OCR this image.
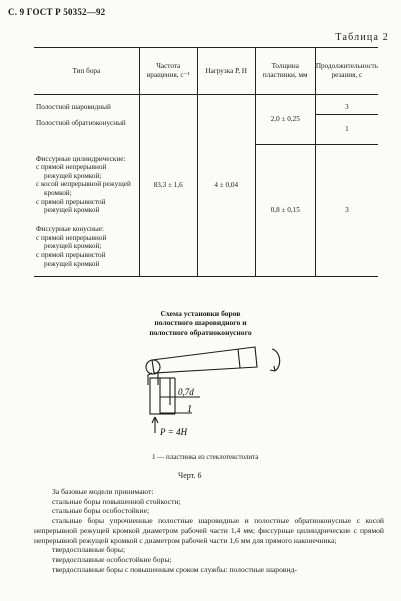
С. 9 ГОСТ Р 50352—92
Таблица 2
Тип бора	Частота вращения, с⁻¹	Нагрузка Р, Н	Толщина пластинки, мм	Продолжительность резания, с

Полостной шаровидный	83,3 ± 1,6	4 ± 0,04	2,0 ± 0,25	3

Полостной обратноконусный				1

Фиссурные цилиндрические:
с прямой непрерывной режущей кромкой;
с косой непрерывной режущей кромкой;
с прямой прерывистой режущей кромкой			0,8 ± 0,15	3

Фиссурные конусные:
с прямой непрерывной режущей кромкой;
с прямой прерывистой режущей кромкой				
Схема установки боров
полостного шаровидного и
полостного обратноконусного
0,7d
1
Р = 4Н
1 — пластинка из стеклотекстолита
Черт. 6

За базовые модели принимают:

стальные боры повышенной стойкости;

стальные боры особостойкие;

стальные боры упрочненные полостные шаровидные и полостные обратноконусные с косой непрерывной режущей кромкой диаметром рабочей части 1,4 мм; фиссурные цилиндрические с прямой непрерывной режущей кромкой с диаметром рабочей части 1,6 мм для прямого наконечника;

твердосплавные боры;

твердосплавные особостойкие боры;

твердосплавные боры с повышенным сроком службы: полостные шаровид-
